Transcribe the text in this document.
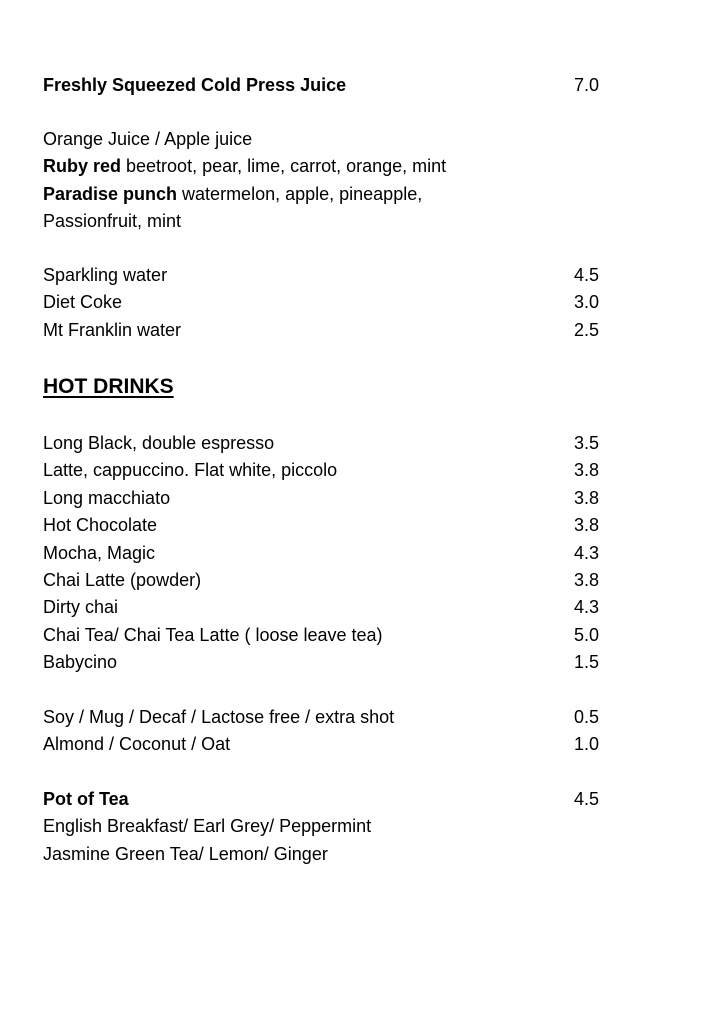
Freshly Squeezed Cold Press Juice	7.0
Orange Juice / Apple juice
Ruby red beetroot, pear, lime, carrot, orange, mint
Paradise punch watermelon, apple, pineapple,
Passionfruit, mint
Sparkling water	4.5
Diet Coke	3.0
Mt Franklin water	2.5
HOT DRINKS
Long Black, double espresso	3.5
Latte, cappuccino. Flat white, piccolo	3.8
Long macchiato	3.8
Hot Chocolate	3.8
Mocha, Magic	4.3
Chai Latte (powder)	3.8
Dirty chai	4.3
Chai Tea/ Chai Tea Latte ( loose leave tea)	5.0
Babycino	1.5
Soy / Mug / Decaf / Lactose free / extra shot	0.5
Almond / Coconut / Oat	1.0
Pot of Tea	4.5
English Breakfast/ Earl Grey/ Peppermint
Jasmine Green Tea/ Lemon/ Ginger
